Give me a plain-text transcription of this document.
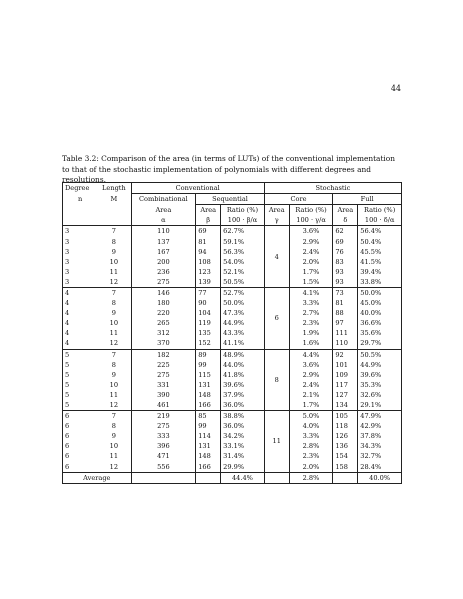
44
Table 3.2: Comparison of the area (in terms of LUTs) of the conventional implementation to that of the stochastic implementation of polynomials with different degrees and resolutions.
Degree	Length	Conventional			Stochastic			
n	M	Combinational	Sequential		Core		Full	
		Area	Area	Ratio (%)	Area	Ratio (%)	Area	Ratio (%)
		α	β	100 · β/α	γ	100 · γ/α	δ	100 · δ/α
3	7	110	69	62.7%	4	3.6%	62	56.4%
3	8	137	81	59.1%		2.9%	69	50.4%
3	9	167	94	56.3%		2.4%	76	45.5%
3	10	200	108	54.0%		2.0%	83	41.5%
3	11	236	123	52.1%		1.7%	93	39.4%
3	12	275	139	50.5%		1.5%	93	33.8%
4	7	146	77	52.7%	6	4.1%	73	50.0%
4	8	180	90	50.0%		3.3%	81	45.0%
4	9	220	104	47.3%		2.7%	88	40.0%
4	10	265	119	44.9%		2.3%	97	36.6%
4	11	312	135	43.3%		1.9%	111	35.6%
4	12	370	152	41.1%		1.6%	110	29.7%
5	7	182	89	48.9%	8	4.4%	92	50.5%
5	8	225	99	44.0%		3.6%	101	44.9%
5	9	275	115	41.8%		2.9%	109	39.6%
5	10	331	131	39.6%		2.4%	117	35.3%
5	11	390	148	37.9%		2.1%	127	32.6%
5	12	461	166	36.0%		1.7%	134	29.1%
6	7	219	85	38.8%	11	5.0%	105	47.9%
6	8	275	99	36.0%		4.0%	118	42.9%
6	9	333	114	34.2%		3.3%	126	37.8%
6	10	396	131	33.1%		2.8%	136	34.3%
6	11	471	148	31.4%		2.3%	154	32.7%
6	12	556	166	29.9%		2.0%	158	28.4%
Average				44.4%		2.8%		40.0%
